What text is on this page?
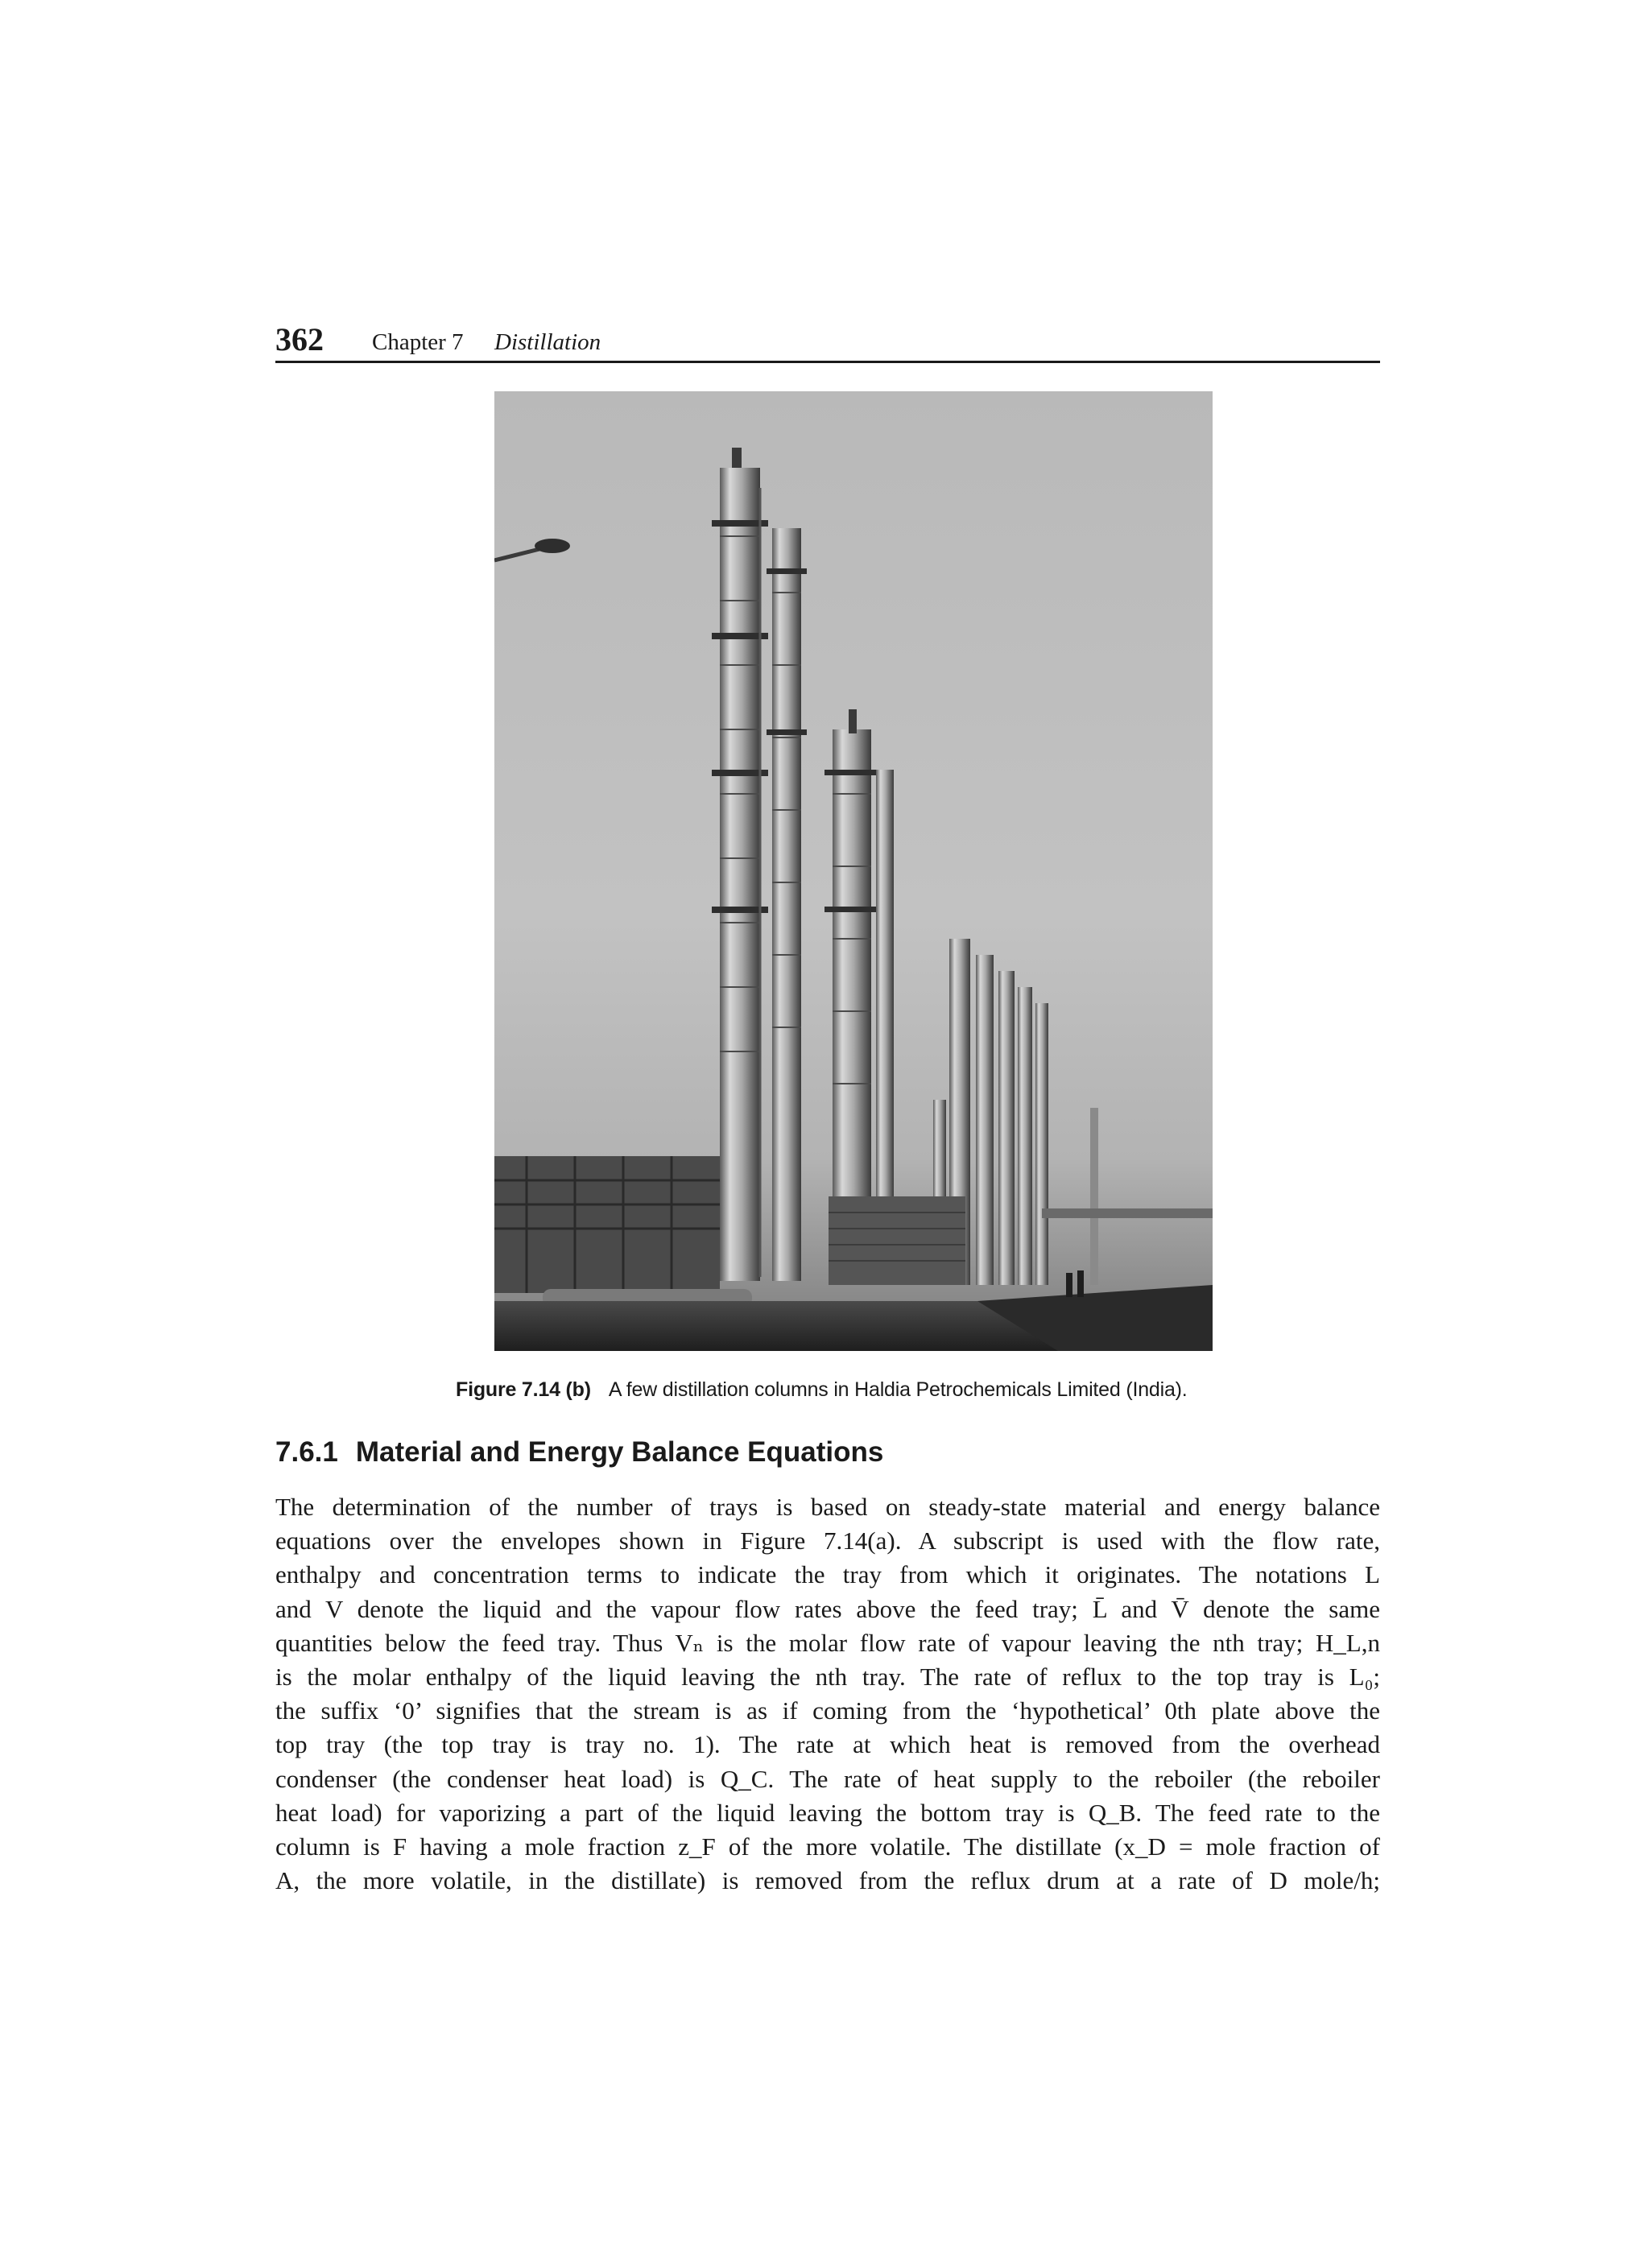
362 Chapter 7 Distillation
Figure 7.14 (b) A few distillation columns in Haldia Petrochemicals Limited (India).
7.6.1 Material and Energy Balance Equations
The determination of the number of trays is based on steady-state material and energy balance
equations over the envelopes shown in Figure 7.14(a). A subscript is used with the flow rate,
enthalpy and concentration terms to indicate the tray from which it originates. The notations L
and V denote the liquid and the vapour flow rates above the feed tray; L̄ and V̄ denote the same
quantities below the feed tray. Thus Vₙ is the molar flow rate of vapour leaving the nth tray; H_L,n
is the molar enthalpy of the liquid leaving the nth tray. The rate of reflux to the top tray is L₀;
the suffix ‘0’ signifies that the stream is as if coming from the ‘hypothetical’ 0th plate above the
top tray (the top tray is tray no. 1). The rate at which heat is removed from the overhead
condenser (the condenser heat load) is Q_C. The rate of heat supply to the reboiler (the reboiler
heat load) for vaporizing a part of the liquid leaving the bottom tray is Q_B. The feed rate to the
column is F having a mole fraction z_F of the more volatile. The distillate (x_D = mole fraction of
A, the more volatile, in the distillate) is removed from the reflux drum at a rate of D mole/h;
